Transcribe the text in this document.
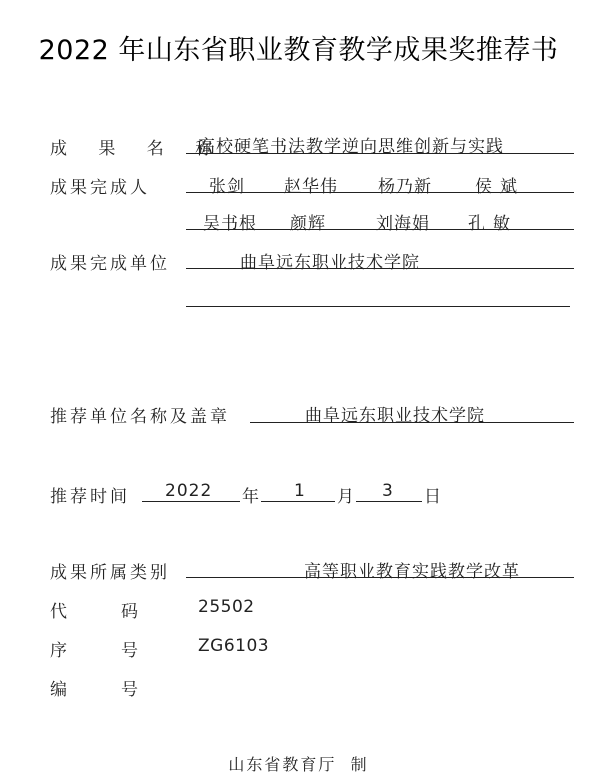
2022 年山东省职业教育教学成果奖推荐书
成 果 名 称
高校硬笔书法教学逆向思维创新与实践
成果完成人	张剑 赵华伟 杨乃新	侯斌
吴书根 颜辉	刘海娟 孔敏
成果完成单位	曲阜远东职业技术学院
推荐单位名称及盖章	曲阜远东职业技术学院
推荐时间 2022 年 1 月 3 日
成果所属类别	高等职业教育实践教学改革
代          码	25502
序          号	ZG6103
编          号
山东省教育厅  制
